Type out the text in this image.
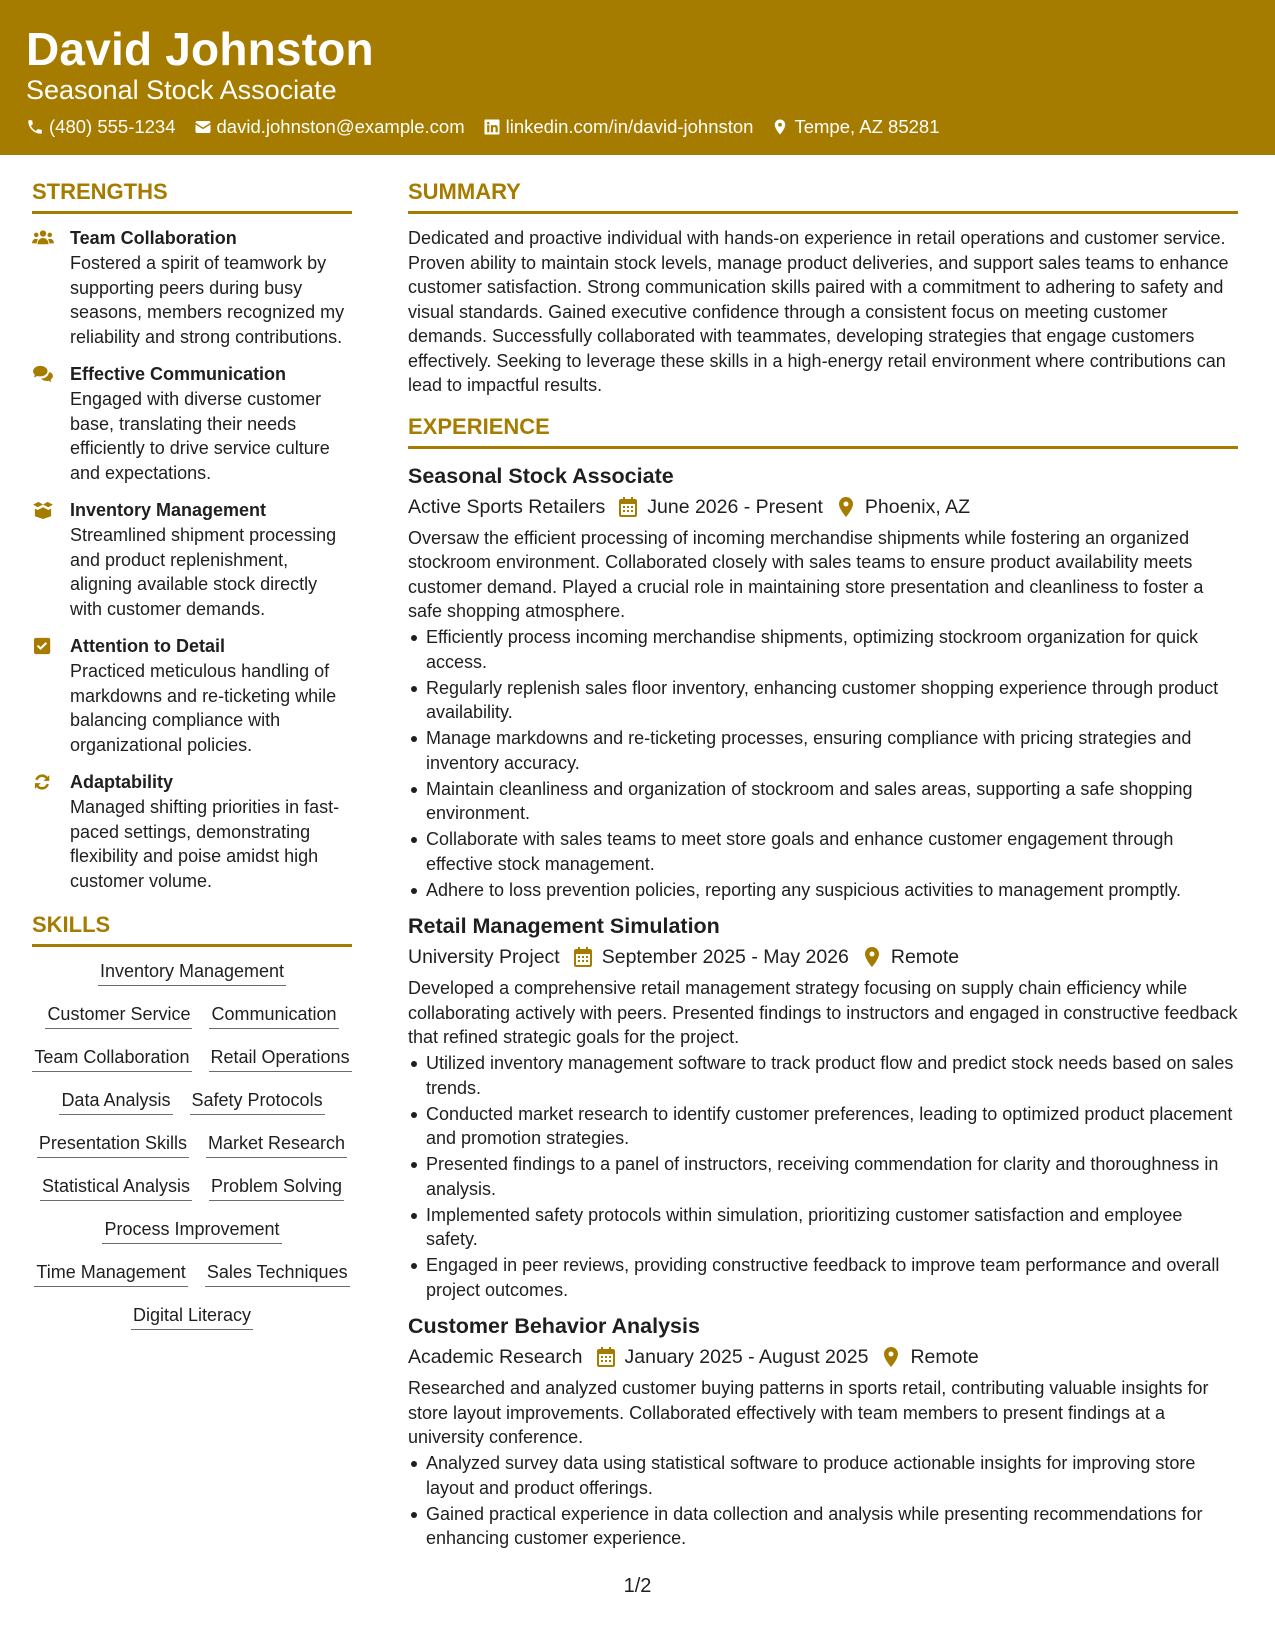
David Johnston
Seasonal Stock Associate
(480) 555-1234 david.johnston@example.com linkedin.com/in/david-johnston Tempe, AZ 85281
STRENGTHS
Team Collaboration
Fostered a spirit of teamwork by supporting peers during busy seasons, members recognized my reliability and strong contributions.
Effective Communication
Engaged with diverse customer base, translating their needs efficiently to drive service culture and expectations.
Inventory Management
Streamlined shipment processing and product replenishment, aligning available stock directly with customer demands.
Attention to Detail
Practiced meticulous handling of markdowns and re-ticketing while balancing compliance with organizational policies.
Adaptability
Managed shifting priorities in fast-paced settings, demonstrating flexibility and poise amidst high customer volume.
SKILLS
Inventory Management
Customer Service Communication
Team Collaboration Retail Operations
Data Analysis Safety Protocols
Presentation Skills Market Research
Statistical Analysis Problem Solving
Process Improvement
Time Management Sales Techniques
Digital Literacy
SUMMARY
Dedicated and proactive individual with hands-on experience in retail operations and customer service. Proven ability to maintain stock levels, manage product deliveries, and support sales teams to enhance customer satisfaction. Strong communication skills paired with a commitment to adhering to safety and visual standards. Gained executive confidence through a consistent focus on meeting customer demands. Successfully collaborated with teammates, developing strategies that engage customers effectively. Seeking to leverage these skills in a high-energy retail environment where contributions can lead to impactful results.
EXPERIENCE
Seasonal Stock Associate
Active Sports Retailers June 2026 - Present Phoenix, AZ
Oversaw the efficient processing of incoming merchandise shipments while fostering an organized stockroom environment. Collaborated closely with sales teams to ensure product availability meets customer demand. Played a crucial role in maintaining store presentation and cleanliness to foster a safe shopping atmosphere.
Efficiently process incoming merchandise shipments, optimizing stockroom organization for quick access.
Regularly replenish sales floor inventory, enhancing customer shopping experience through product availability.
Manage markdowns and re-ticketing processes, ensuring compliance with pricing strategies and inventory accuracy.
Maintain cleanliness and organization of stockroom and sales areas, supporting a safe shopping environment.
Collaborate with sales teams to meet store goals and enhance customer engagement through effective stock management.
Adhere to loss prevention policies, reporting any suspicious activities to management promptly.
Retail Management Simulation
University Project September 2025 - May 2026 Remote
Developed a comprehensive retail management strategy focusing on supply chain efficiency while collaborating actively with peers. Presented findings to instructors and engaged in constructive feedback that refined strategic goals for the project.
Utilized inventory management software to track product flow and predict stock needs based on sales trends.
Conducted market research to identify customer preferences, leading to optimized product placement and promotion strategies.
Presented findings to a panel of instructors, receiving commendation for clarity and thoroughness in analysis.
Implemented safety protocols within simulation, prioritizing customer satisfaction and employee safety.
Engaged in peer reviews, providing constructive feedback to improve team performance and overall project outcomes.
Customer Behavior Analysis
Academic Research January 2025 - August 2025 Remote
Researched and analyzed customer buying patterns in sports retail, contributing valuable insights for store layout improvements. Collaborated effectively with team members to present findings at a university conference.
Analyzed survey data using statistical software to produce actionable insights for improving store layout and product offerings.
Gained practical experience in data collection and analysis while presenting recommendations for enhancing customer experience.
1/2
